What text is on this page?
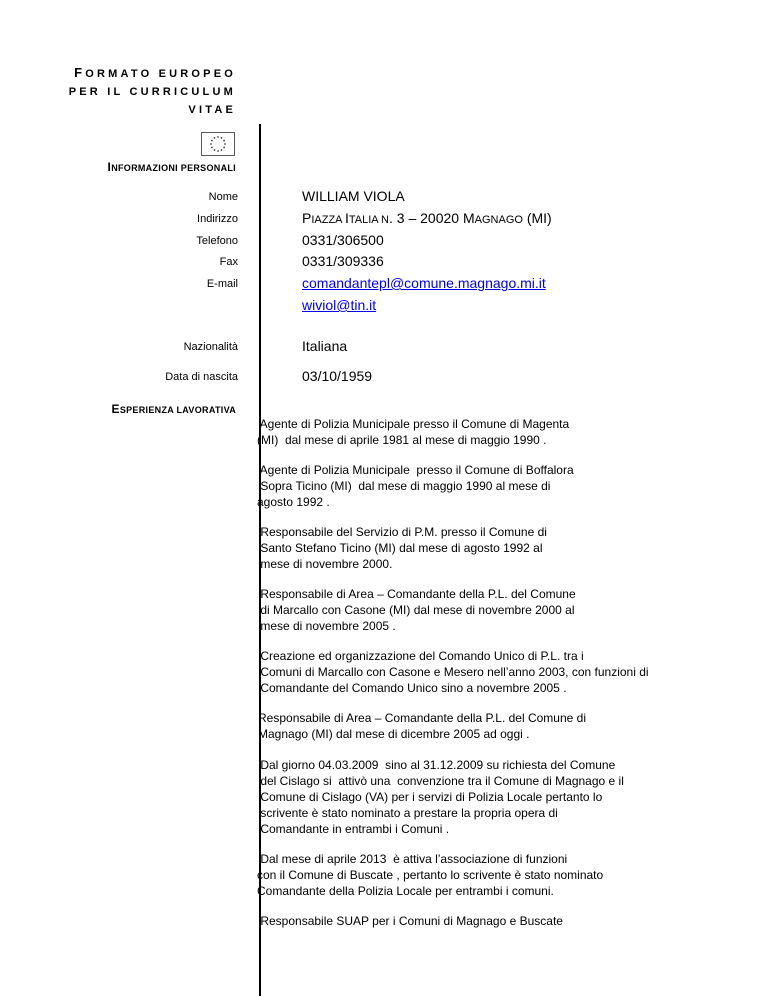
FORMATO EUROPEO
PER IL CURRICULUM
VITAE
INFORMAZIONI PERSONALI
Nome	WILLIAM VIOLA
Indirizzo	PIAZZA ITALIA N. 3 – 20020 MAGNAGO (MI)
Telefono	0331/306500
Fax	0331/309336
E-mail	comandantepl@comune.magnago.mi.it
wiviol@tin.it
Nazionalità	Italiana
Data di nascita	03/10/1959
ESPERIENZA LAVORATIVA
Agente di Polizia Municipale presso il Comune di Magenta
(MI)  dal mese di aprile 1981 al mese di maggio 1990 .
Agente di Polizia Municipale  presso il Comune di Boffalora
Sopra Ticino (MI)  dal mese di maggio 1990 al mese di
agosto 1992 .
Responsabile del Servizio di P.M. presso il Comune di
Santo Stefano Ticino (MI) dal mese di agosto 1992 al
mese di novembre 2000.
Responsabile di Area – Comandante della P.L. del Comune
di Marcallo con Casone (MI) dal mese di novembre 2000 al
mese di novembre 2005 .
Creazione ed organizzazione del Comando Unico di P.L. tra i
Comuni di Marcallo con Casone e Mesero nell’anno 2003, con funzioni di
Comandante del Comando Unico sino a novembre 2005 .
Responsabile di Area – Comandante della P.L. del Comune di
Magnago (MI) dal mese di dicembre 2005 ad oggi .
Dal giorno 04.03.2009  sino al 31.12.2009 su richiesta del Comune
del Cislago si  attivò una  convenzione tra il Comune di Magnago e il
Comune di Cislago (VA) per i servizi di Polizia Locale pertanto lo
scrivente è stato nominato a prestare la propria opera di
Comandante in entrambi i Comuni .
Dal mese di aprile 2013  è attiva l’associazione di funzioni
con il Comune di Buscate , pertanto lo scrivente è stato nominato
Comandante della Polizia Locale per entrambi i comuni.
Responsabile SUAP per i Comuni di Magnago e Buscate
